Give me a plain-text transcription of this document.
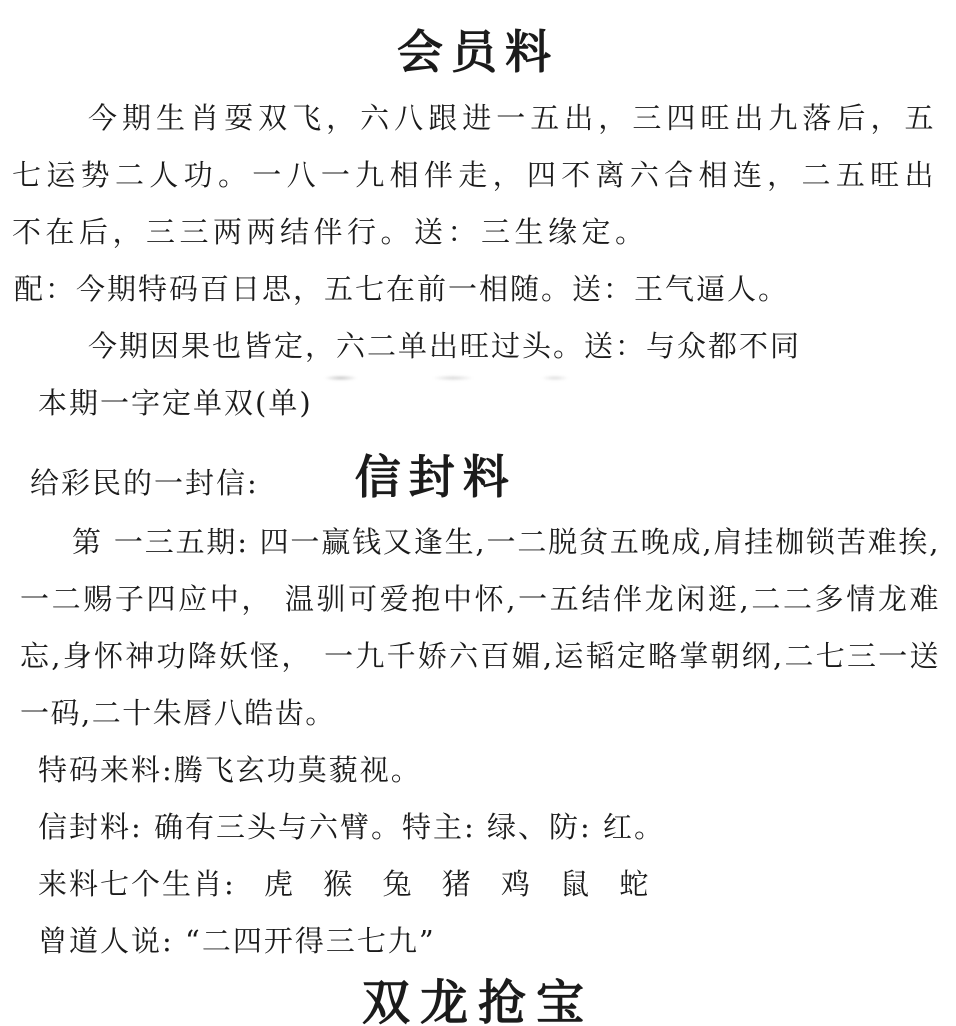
会员料

今期生肖耍双飞，六八跟进一五出，三四旺出九落后，五七运势二人功。一八一九相伴走，四不离六合相连，二五旺出不在后，三三两两结伴行。送：三生缘定。

配：今期特码百日思，五七在前一相随。送：王气逼人。

今期因果也皆定，六二单出旺过头。送：与众都不同

本期一字定单双(单)

给彩民的一封信: 信封料

第 一三五期: 四一赢钱又逢生,一二脱贫五晚成,肩挂枷锁苦难挨,一二赐子四应中， 温驯可爱抱中怀,一五结伴龙闲逛,二二多情龙难忘,身怀神功降妖怪， 一九千娇六百媚,运韬定略掌朝纲,二七三一送一码,二十朱唇八皓齿。

特码来料:腾飞玄功莫藐视。

信封料: 确有三头与六臂。特主: 绿、防: 红。

来料七个生肖: 虎 猴 兔 猪 鸡 鼠 蛇

曾道人说: “二四开得三七九”

双龙抢宝
